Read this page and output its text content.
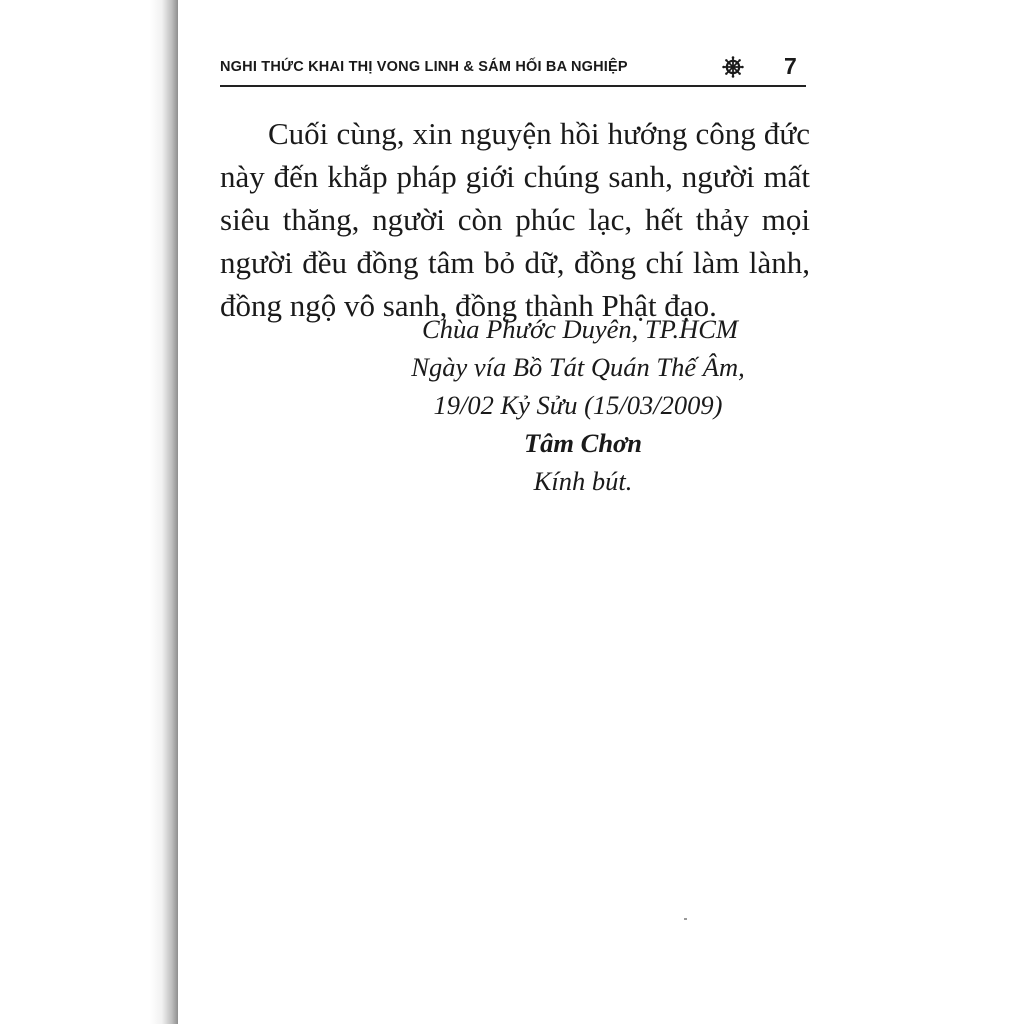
NGHI THỨC KHAI THỊ VONG LINH & SÁM HỐI BA NGHIỆP	7
Cuối cùng, xin nguyện hồi hướng công đức
này đến khắp pháp giới chúng sanh, người mất
siêu thăng, người còn phúc lạc, hết thảy mọi
người đều đồng tâm bỏ dữ, đồng chí làm lành,
đồng ngộ vô sanh, đồng thành Phật đạo.
Chùa Phước Duyên, TP.HCM
Ngày vía Bồ Tát Quán Thế Âm,
19/02 Kỷ Sửu (15/03/2009)
Tâm Chơn
Kính bút.
